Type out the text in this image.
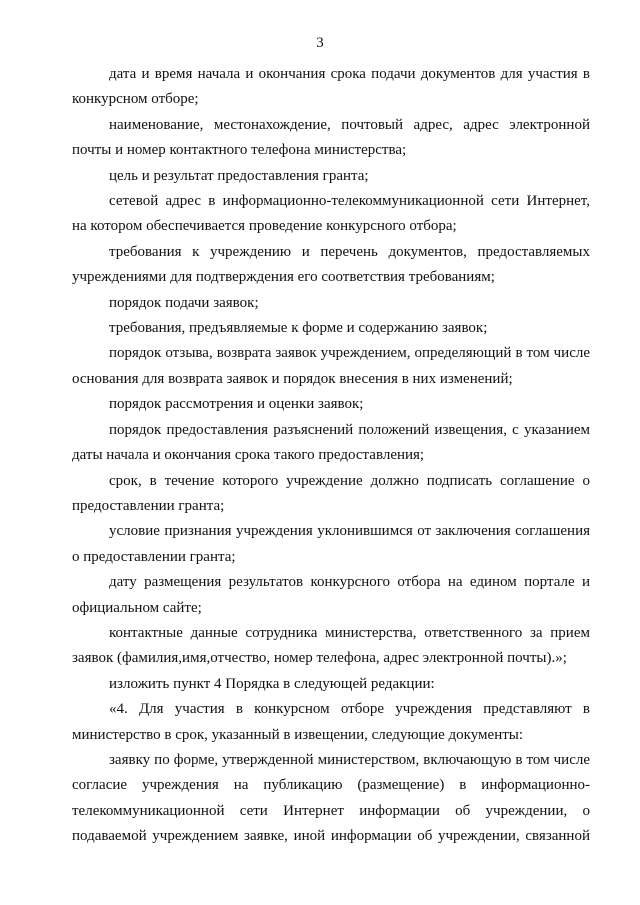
3

дата и время начала и окончания срока подачи документов для участия в конкурсном отборе;

наименование, местонахождение, почтовый адрес, адрес электронной почты и номер контактного телефона министерства;

цель и результат предоставления гранта;

сетевой адрес в информационно-телекоммуникационной сети Интернет, на котором обеспечивается проведение конкурсного отбора;

требования к учреждению и перечень документов, предоставляемых учреждениями для подтверждения его соответствия требованиям;

порядок подачи заявок;

требования, предъявляемые к форме и содержанию заявок;

порядок отзыва, возврата заявок учреждением, определяющий в том числе основания для возврата заявок и порядок внесения в них изменений;

порядок рассмотрения и оценки заявок;

порядок предоставления разъяснений положений извещения, с указанием даты начала и окончания срока такого предоставления;

срок, в течение которого учреждение должно подписать соглашение о предоставлении гранта;

условие признания учреждения уклонившимся от заключения соглашения о предоставлении гранта;

дату размещения результатов конкурсного отбора на едином портале и официальном сайте;

контактные данные сотрудника министерства, ответственного за прием заявок (фамилия,имя,отчество, номер телефона, адрес электронной почты).»;

изложить пункт 4 Порядка в следующей редакции:

«4. Для участия в конкурсном отборе учреждения представляют в министерство в срок, указанный в извещении, следующие документы:

заявку по форме, утвержденной министерством, включающую в том числе согласие учреждения на публикацию (размещение) в информационно-телекоммуникационной сети Интернет информации об учреждении, о подаваемой учреждением заявке, иной информации об учреждении, связанной
